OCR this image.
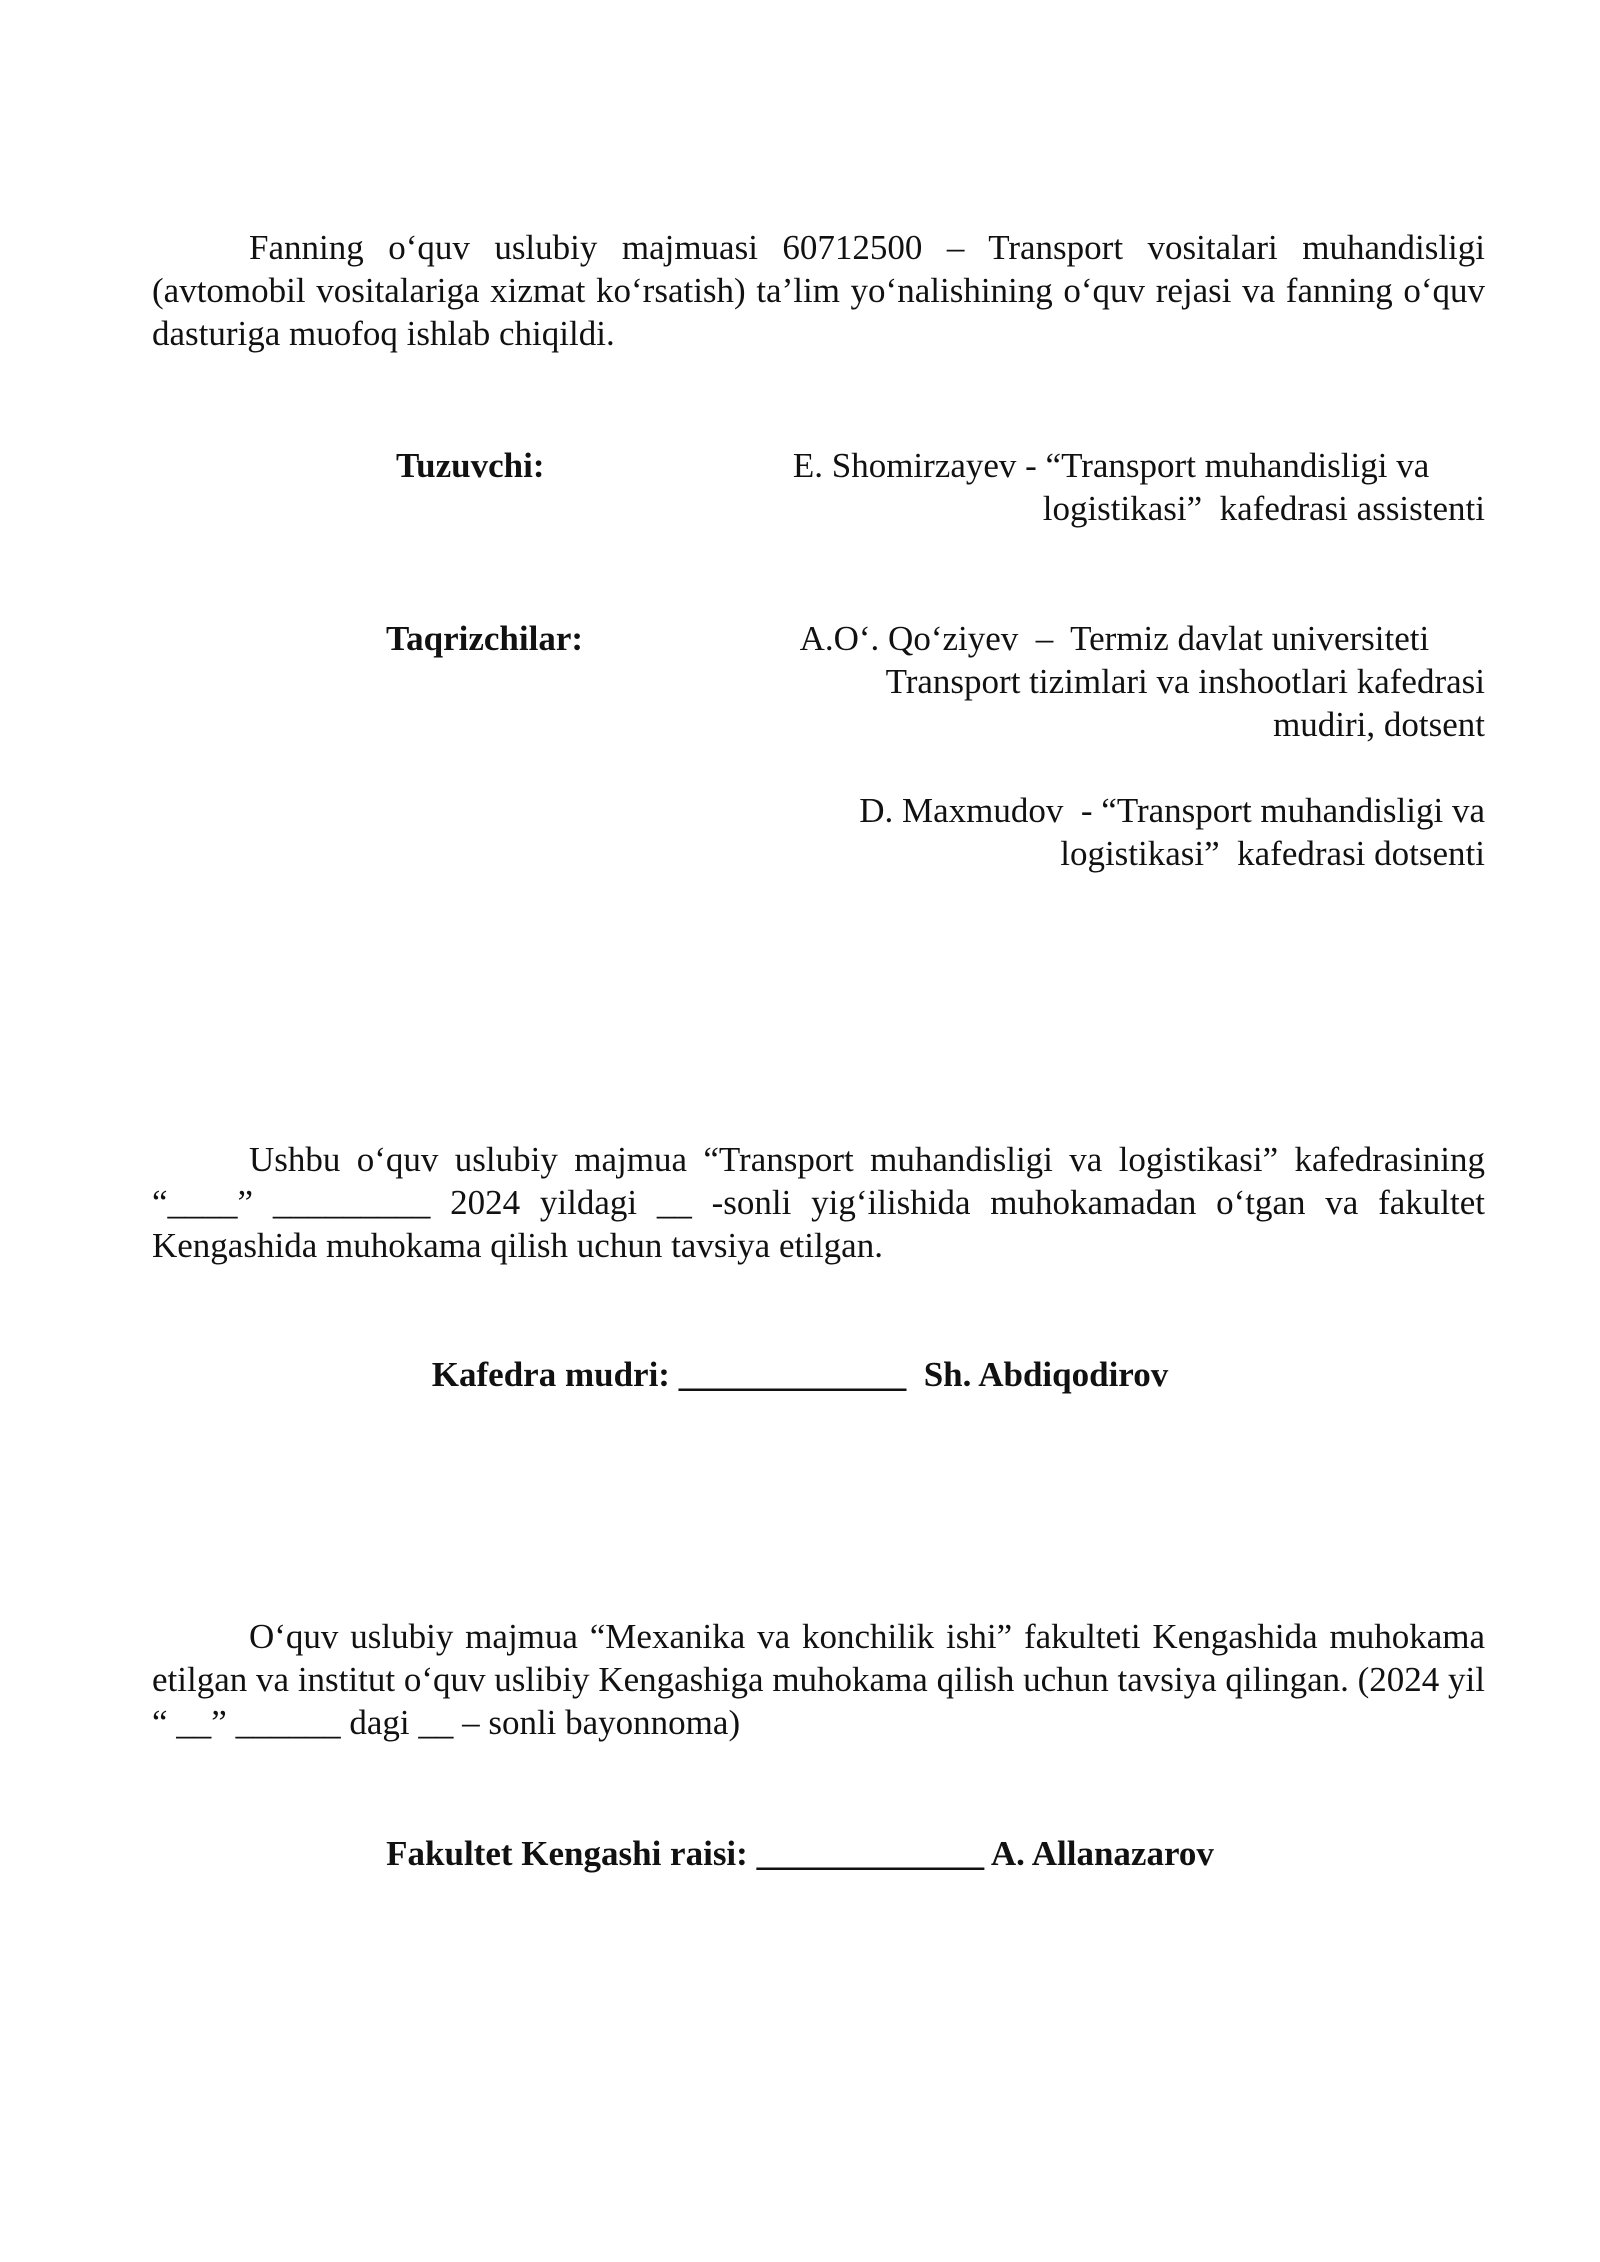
Fanning o‘quv uslubiy majmuasi 60712500 – Transport vositalari muhandisligi (avtomobil vositalariga xizmat ko‘rsatish) ta’lim yo‘nalishining o‘quv rejasi va fanning o‘quv dasturiga muofoq ishlab chiqildi.

Tuzuvchi:	E. Shomirzayev - “Transport muhandisligi va
logistikasi”  kafedrasi assistenti

Taqrizchilar:	A.O‘. Qo‘ziyev  –  Termiz davlat universiteti
Transport tizimlari va inshootlari kafedrasi
mudiri, dotsent

D. Maxmudov  - “Transport muhandisligi va
logistikasi”  kafedrasi dotsenti

Ushbu o‘quv uslubiy majmua “Transport muhandisligi va logistikasi” kafedrasining “____” _________ 2024 yildagi __ -sonli yig‘ilishida muhokamadan o‘tgan va fakultet Kengashida muhokama qilish uchun tavsiya etilgan.

Kafedra mudri: _____________  Sh. Abdiqodirov

O‘quv uslubiy majmua “Mexanika va konchilik ishi” fakulteti Kengashida muhokama etilgan va institut o‘quv uslibiy Kengashiga muhokama qilish uchun tavsiya qilingan. (2024 yil “ __” ______ dagi __ – sonli bayonnoma)

Fakultet Kengashi raisi: _____________ A. Allanazarov
